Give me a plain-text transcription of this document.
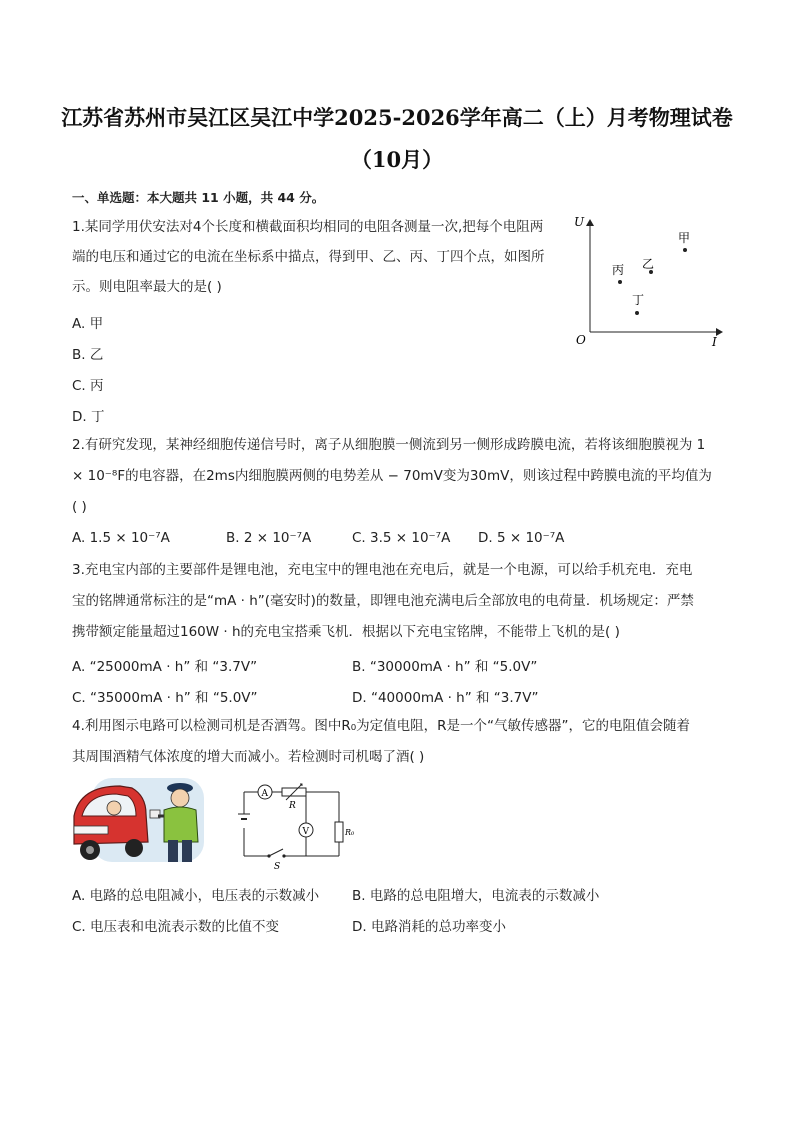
江苏省苏州市吴江区吴江中学2025-2026学年高二（上）月考物理试卷
（10月）
一、单选题：本大题共 11 小题，共 44 分。
1.某同学用伏安法对4个长度和横截面积均相同的电阻各测量一次,把每个电阻两
端的电压和通过它的电流在坐标系中描点，得到甲、乙、丙、丁四个点，如图所
示。则电阻率最大的是( )
A. 甲
B. 乙
C. 丙
D. 丁
U
I
O
甲
乙
丙
丁
2.有研究发现，某神经细胞传递信号时，离子从细胞膜一侧流到另一侧形成跨膜电流，若将该细胞膜视为 1
× 10⁻⁸F的电容器，在2ms内细胞膜两侧的电势差从 − 70mV变为30mV，则该过程中跨膜电流的平均值为
( )
A. 1.5 × 10⁻⁷A	B. 2 × 10⁻⁷A	C. 3.5 × 10⁻⁷A D. 5 × 10⁻⁷A
3.充电宝内部的主要部件是锂电池，充电宝中的锂电池在充电后，就是一个电源，可以给手机充电．充电
宝的铭牌通常标注的是“mA · h”(毫安时)的数量，即锂电池充满电后全部放电的电荷量．机场规定：严禁
携带额定能量超过160W · h的充电宝搭乘飞机．根据以下充电宝铭牌，不能带上飞机的是( )
A. “25000mA · h” 和 “3.7V”	B. “30000mA · h” 和 “5.0V”
C. “35000mA · h” 和 “5.0V”	D. “40000mA · h” 和 “3.7V”
4.利用图示电路可以检测司机是否酒驾。图中R₀为定值电阻，R是一个“气敏传感器”，它的电阻值会随着
其周围酒精气体浓度的增大而减小。若检测时司机喝了酒( )
A
R
V	R₀
S
A. 电路的总电阻减小，电压表的示数减小 B. 电路的总电阻增大，电流表的示数减小
C. 电压表和电流表示数的比值不变	D. 电路消耗的总功率变小
